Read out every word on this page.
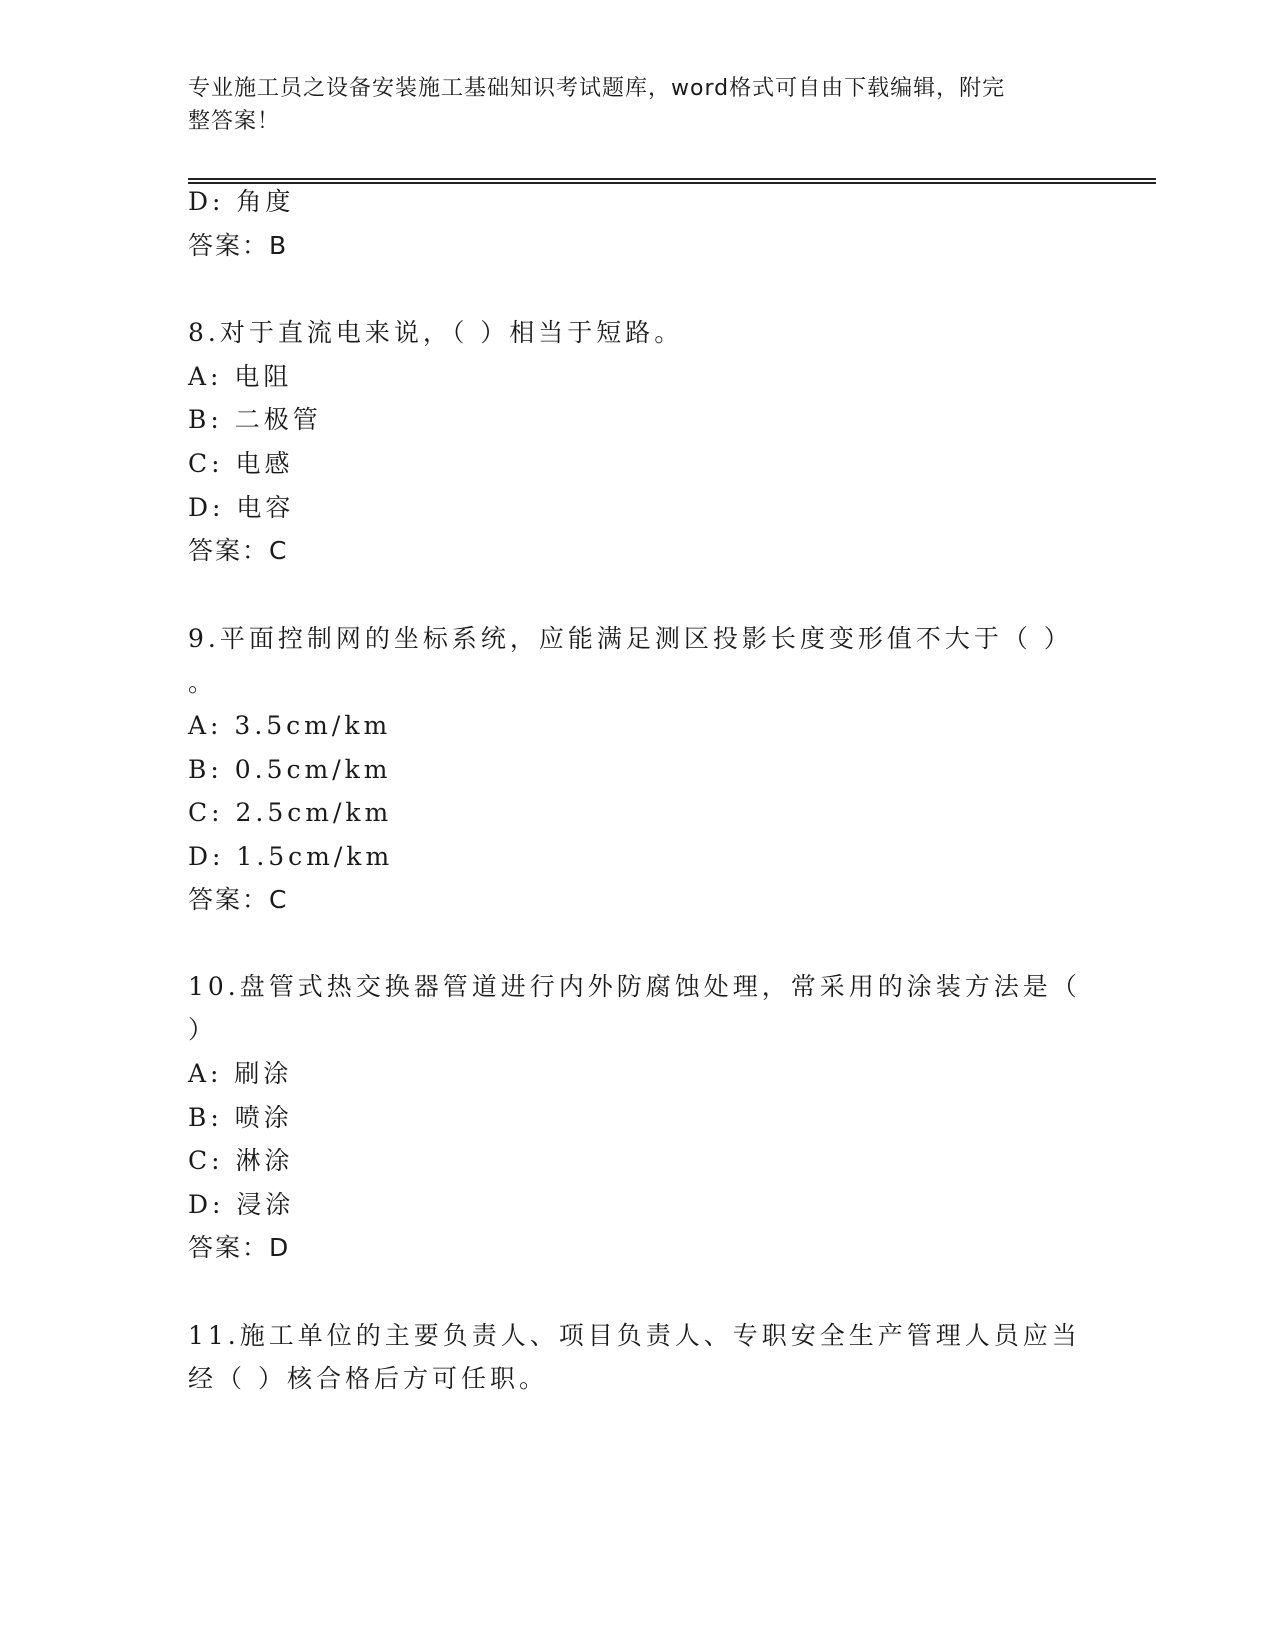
专业施工员之设备安装施工基础知识考试题库，word格式可自由下载编辑，附完
整答案！
D: 角度
答案：B
8.对于直流电来说，（ ）相当于短路。
A: 电阻
B: 二极管
C: 电感
D: 电容
答案：C
9.平面控制网的坐标系统，应能满足测区投影长度变形值不大于（ ）
。
A: 3.5cm/km
B: 0.5cm/km
C: 2.5cm/km
D: 1.5cm/km
答案：C
10.盘管式热交换器管道进行内外防腐蚀处理，常采用的涂装方法是（
）
A: 刷涂
B: 喷涂
C: 淋涂
D: 浸涂
答案：D
11.施工单位的主要负责人、项目负责人、专职安全生产管理人员应当
经（ ）核合格后方可任职。
